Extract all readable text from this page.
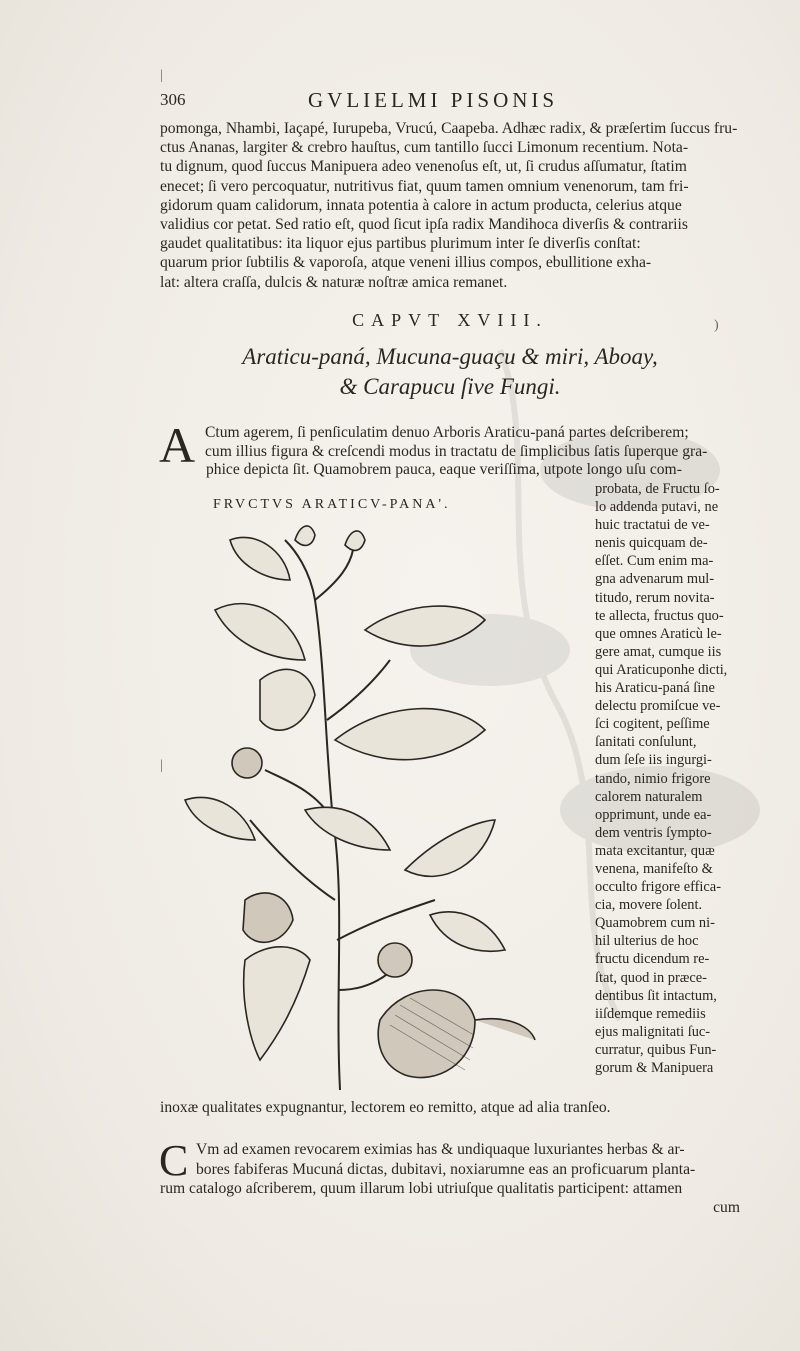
306	GVLIELMI PISONIS
pomonga, Nhambi, Iaçapé, Iurupeba, Vrucú, Caapeba. Adhæc radix, & præſertim ſuccus fru-
ctus Ananas, largiter & crebro hauſtus, cum tantillo ſucci Limonum recentium. Nota-
tu dignum, quod ſuccus Manipuera adeo venenoſus eſt, ut, ſi crudus aſſumatur, ſtatim
enecet; ſi vero percoquatur, nutritivus fiat, quum tamen omnium venenorum, tam fri-
gidorum quam calidorum, innata potentia à calore in actum producta, celerius atque
validius cor petat. Sed ratio eſt, quod ſicut ipſa radix Mandihoca diverſis & contrariis
gaudet qualitatibus: ita liquor ejus partibus plurimum inter ſe diverſis conſtat:
quarum prior ſubtilis & vaporoſa, atque veneni illius compos, ebullitione exha-
lat: altera craſſa, dulcis & naturæ noſtræ amica remanet.
CAPVT XVIII.
Araticu-paná, Mucuna-guaçu & miri, Aboay,
& Carapucu ſive Fungi.
A Ctum agerem, ſi penſiculatim denuo Arboris Araticu-paná partes deſcriberem;
cum illius figura & creſcendi modus in tractatu de ſimplicibus ſatis ſuperque gra-
phice depicta ſit. Quamobrem pauca, eaque veriſſima, utpote longo uſu com-
probata, de Fructu ſo-
lo addenda putavi, ne
huic tractatui de ve-
nenis quicquam de-
eſſet. Cum enim ma-
gna advenarum mul-
titudo, rerum novita-
te allecta, fructus quo-
que omnes Araticù le-
gere amat, cumque iis
qui Araticuponhe dicti,
his Araticu-paná ſine
delectu promiſcue ve-
ſci cogitent, peſſime
ſanitati conſulunt,
dum ſeſe iis ingurgi-
tando, nimio frigore
calorem naturalem
opprimunt, unde ea-
dem ventris ſympto-
mata excitantur, quæ
venena, manifeſto &
occulto frigore effica-
cia, movere ſolent.
Quamobrem cum ni-
hil ulterius de hoc
fructu dicendum re-
ſtat, quod in præce-
dentibus ſit intactum,
iiſdemque remediis
ejus malignitati ſuc-
curratur, quibus Fun-
gorum & Manipuera
FRVCTVS ARATICV-PANA'.
inoxæ qualitates expugnantur, lectorem eo remitto, atque ad alia tranſeo.
C Vm ad examen revocarem eximias has & undiquaque luxuriantes herbas & ar-
bores fabiferas Mucuná dictas, dubitavi, noxiarumne eas an proficuarum planta-
rum catalogo aſcriberem, quum illarum lobi utriuſque qualitatis participent: attamen
cum
|
|
)
